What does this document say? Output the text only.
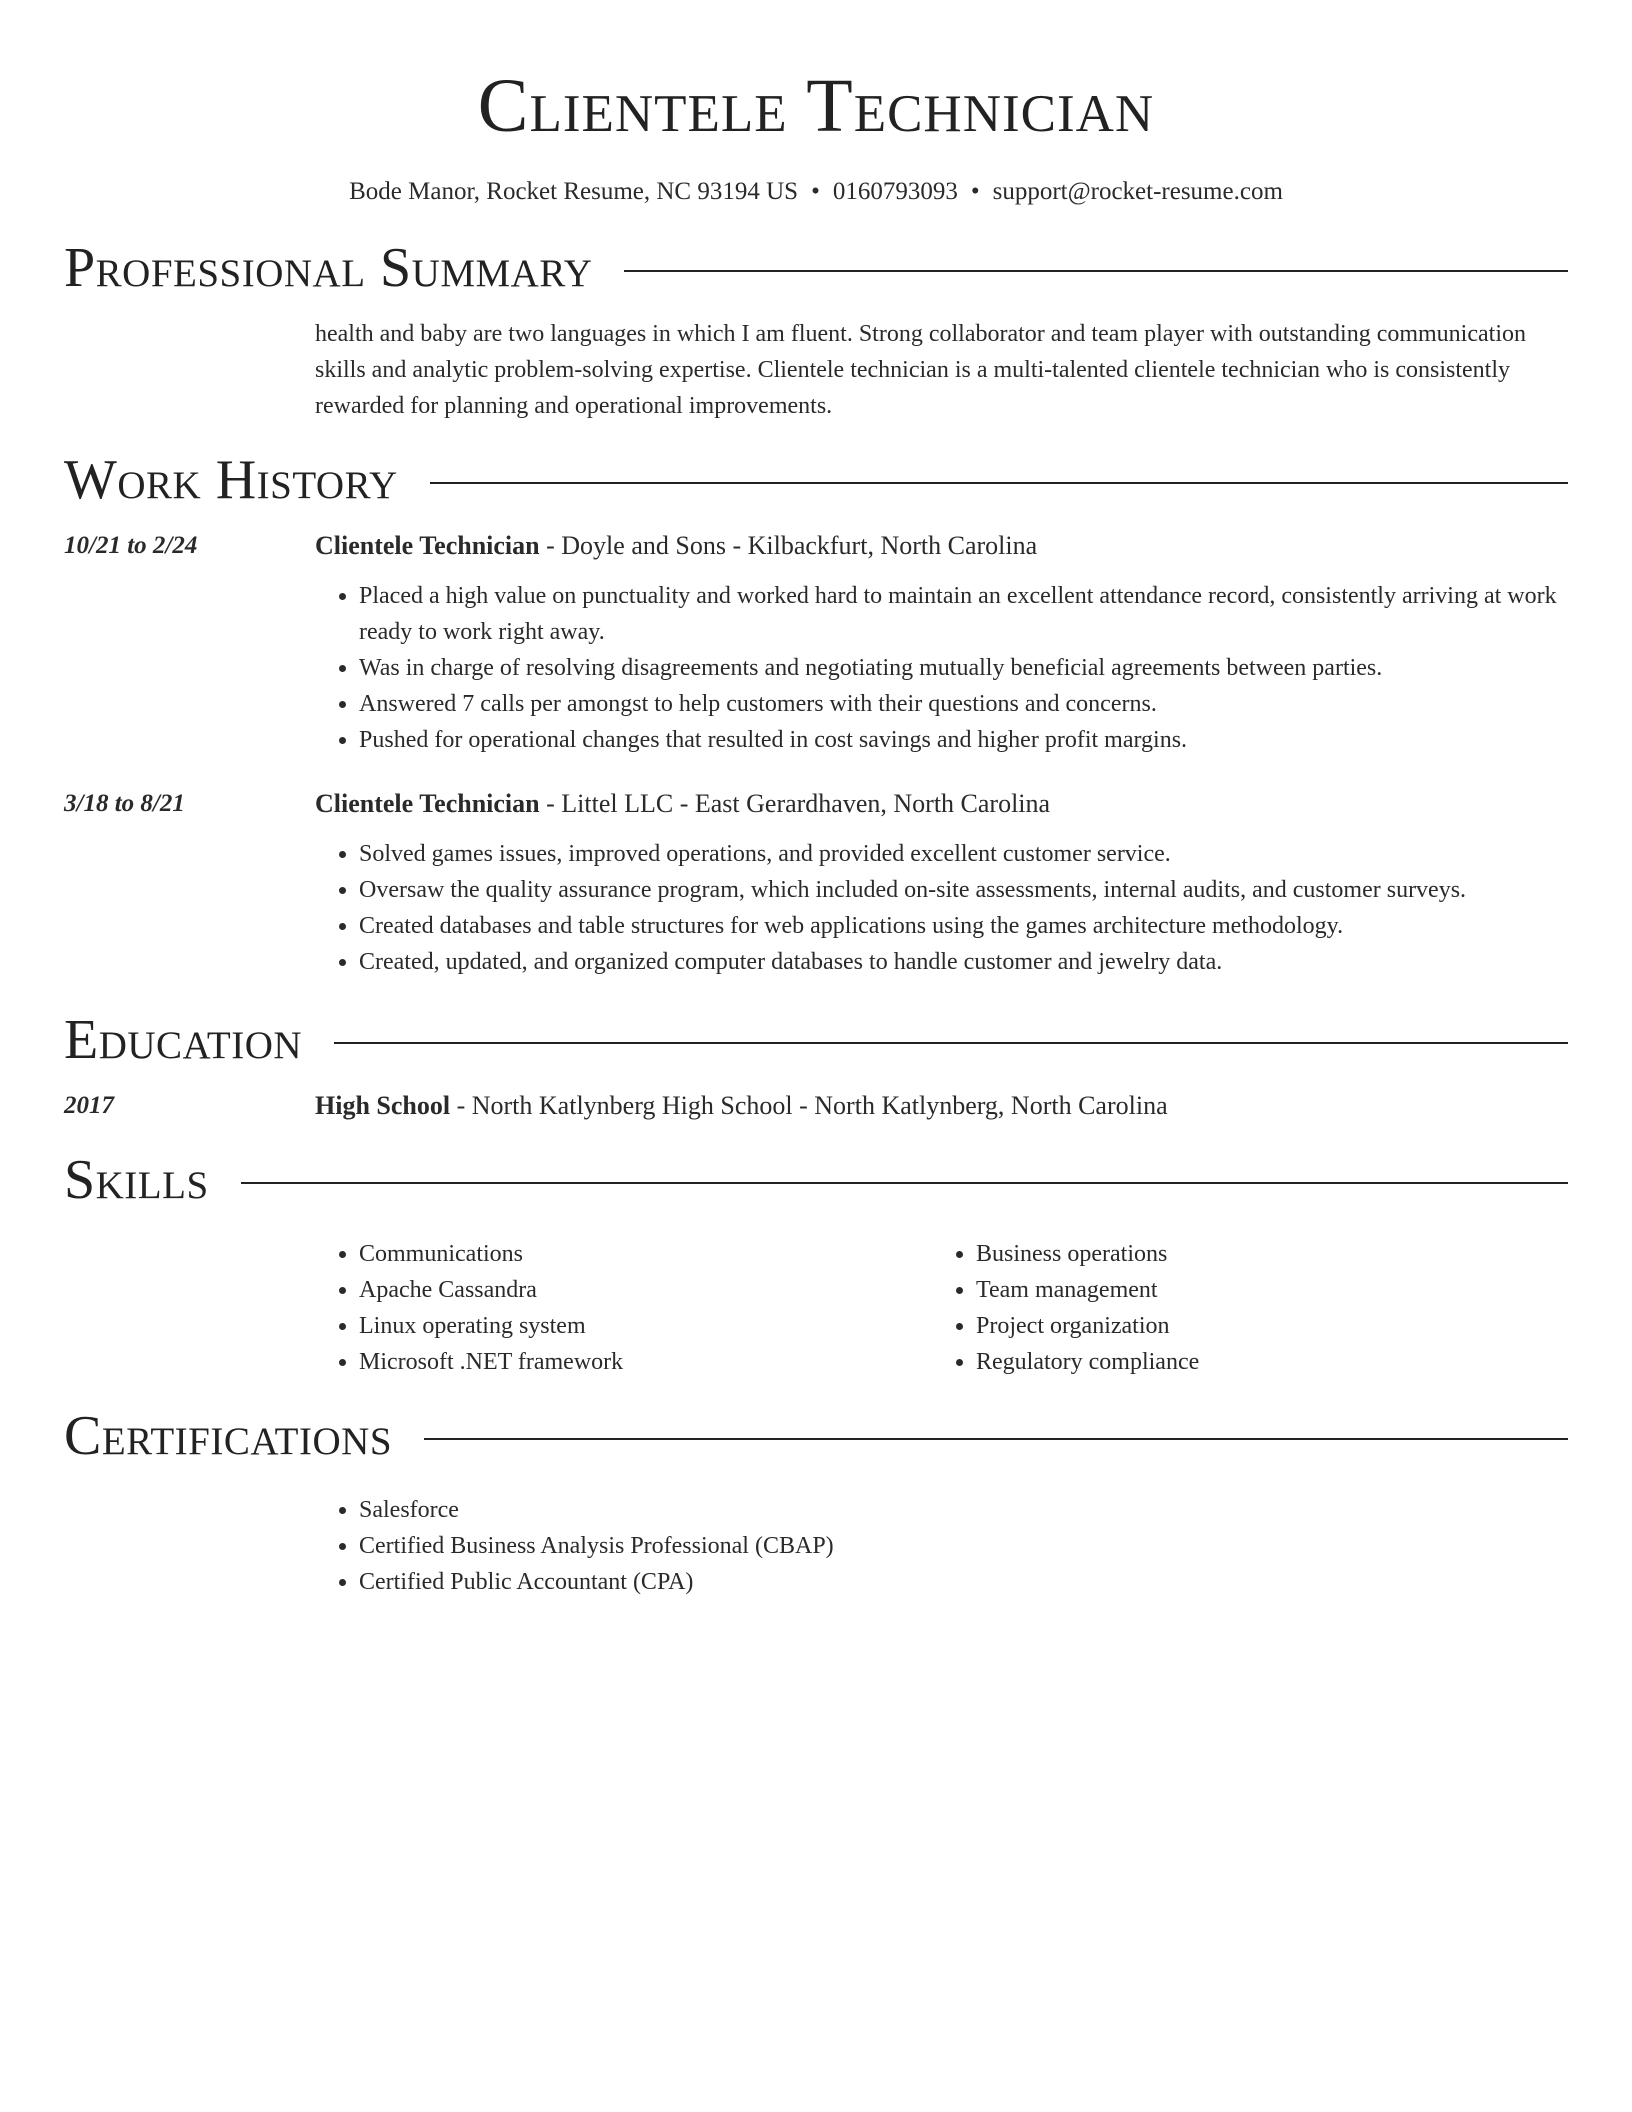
Clientele Technician
Bode Manor, Rocket Resume, NC 93194 US • 0160793093 • support@rocket-resume.com
Professional Summary

health and baby are two languages in which I am fluent. Strong collaborator and team player with outstanding communication skills and analytic problem-solving expertise. Clientele technician is a multi-talented clientele technician who is consistently rewarded for planning and operational improvements.

Work History
10/21 to 2/24	Clientele Technician - Doyle and Sons - Kilbackfurt, North Carolina
• Placed a high value on punctuality and worked hard to maintain an excellent attendance record, consistently arriving at work ready to work right away.
• Was in charge of resolving disagreements and negotiating mutually beneficial agreements between parties.
• Answered 7 calls per amongst to help customers with their questions and concerns.
• Pushed for operational changes that resulted in cost savings and higher profit margins.
3/18 to 8/21	Clientele Technician - Littel LLC - East Gerardhaven, North Carolina
• Solved games issues, improved operations, and provided excellent customer service.
• Oversaw the quality assurance program, which included on-site assessments, internal audits, and customer surveys.
• Created databases and table structures for web applications using the games architecture methodology.
• Created, updated, and organized computer databases to handle customer and jewelry data.
Education
2017	High School - North Katlynberg High School - North Katlynberg, North Carolina
Skills
• Communications
• Apache Cassandra
• Linux operating system
• Microsoft .NET framework
• Business operations
• Team management
• Project organization
• Regulatory compliance
Certifications
• Salesforce
• Certified Business Analysis Professional (CBAP)
• Certified Public Accountant (CPA)
